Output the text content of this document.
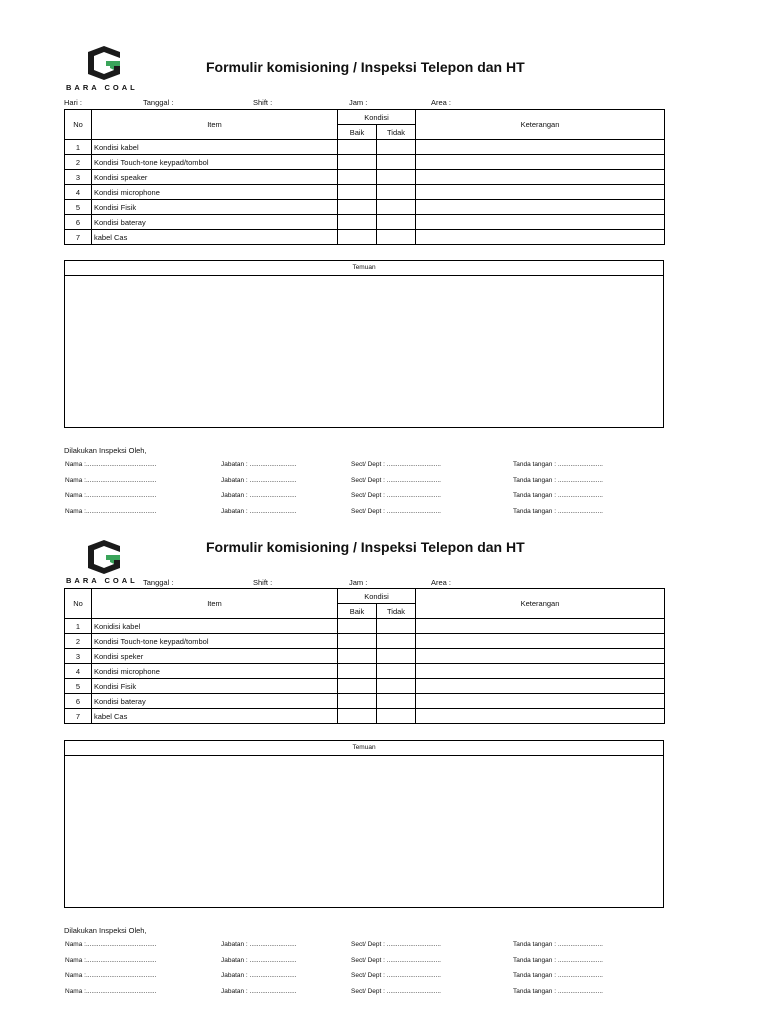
BARA COAL
Formulir komisioning / Inspeksi Telepon dan HT
Hari :	Tanggal :	Shift :	Jam :	Area :
No	Item	Kondisi		Keterangan
		Baik	Tidak	
1	Kondisi kabel			
2	Kondisi Touch-tone keypad/tombol			
3	Kondisi speaker			
4	Kondisi microphone			
5	Kondisi Fisik			
6	Kondisi bateray			
7	kabel Cas			
Temuan
Dilakukan Inspeksi Oleh,
Nama :.......................................	Jabatan : ..........................	Sect/ Dept : ..............................	Tanda tangan : .........................
Nama :.......................................	Jabatan : ..........................	Sect/ Dept : ..............................	Tanda tangan : .........................
Nama :.......................................	Jabatan : ..........................	Sect/ Dept : ..............................	Tanda tangan : .........................
Nama :.......................................	Jabatan : ..........................	Sect/ Dept : ..............................	Tanda tangan : .........................
BARA COAL
Formulir komisioning / Inspeksi Telepon dan HT
Tanggal :	Shift :	Jam :	Area :
No	Item	Kondisi		Keterangan
		Baik	Tidak	
1	Konidisi kabel			
2	Kondisi Touch-tone keypad/tombol			
3	Kondisi speker			
4	Kondisi microphone			
5	Kondisi Fisik			
6	Kondisi bateray			
7	kabel Cas			
Temuan
Dilakukan Inspeksi Oleh,
Nama :.......................................	Jabatan : ..........................	Sect/ Dept : ..............................	Tanda tangan : .........................
Nama :.......................................	Jabatan : ..........................	Sect/ Dept : ..............................	Tanda tangan : .........................
Nama :.......................................	Jabatan : ..........................	Sect/ Dept : ..............................	Tanda tangan : .........................
Nama :.......................................	Jabatan : ..........................	Sect/ Dept : ..............................	Tanda tangan : .........................
